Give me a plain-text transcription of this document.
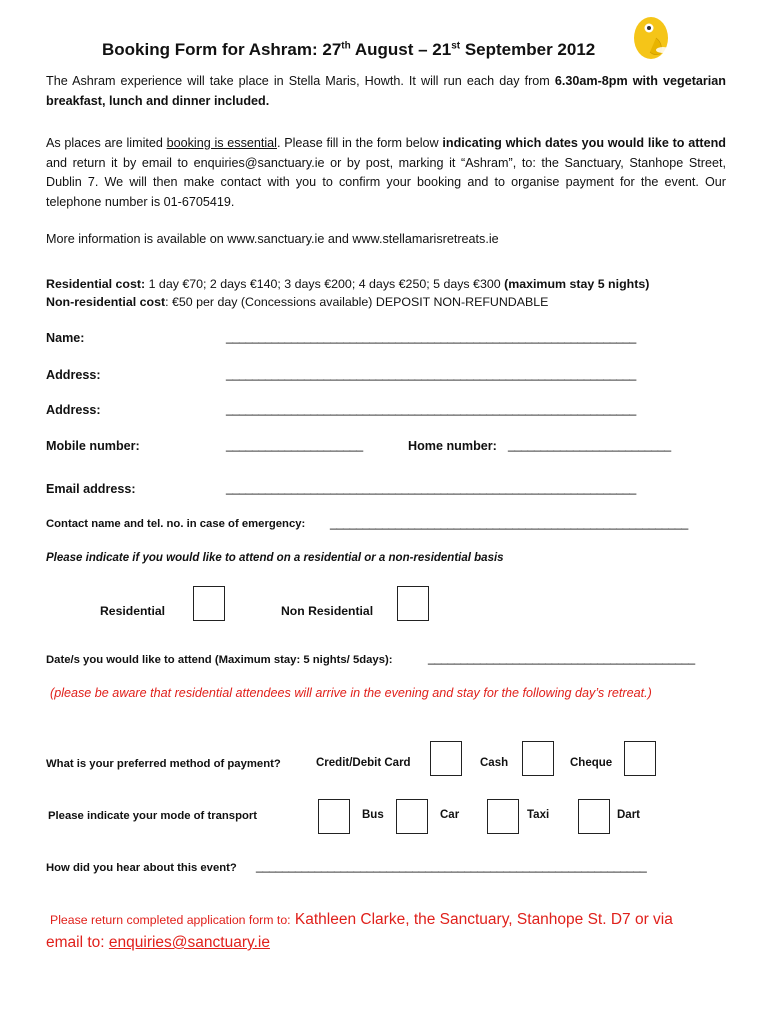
Booking Form for Ashram: 27th August – 21st September 2012
The Ashram experience will take place in Stella Maris, Howth. It will run each day from 6.30am-8pm with vegetarian breakfast, lunch and dinner included.
As places are limited booking is essential. Please fill in the form below indicating which dates you would like to attend and return it by email to enquiries@sanctuary.ie or by post, marking it “Ashram”, to: the Sanctuary, Stanhope Street, Dublin 7. We will then make contact with you to confirm your booking and to organise payment for the event. Our telephone number is 01-6705419.
More information is available on www.sanctuary.ie and www.stellamarisretreats.ie
Residential cost: 1 day €70; 2 days €140; 3 days €200; 4 days €250; 5 days €300 (maximum stay 5 nights)
Non-residential cost: €50 per day (Concessions available) DEPOSIT NON-REFUNDABLE
Name:	_______________________________________________________________
Address:	_______________________________________________________________
Address:	_______________________________________________________________
Mobile number:	_____________________	Home number: _________________________
Email address:	_______________________________________________________________
Contact name and tel. no. in case of emergency: _______________________________________________________
Please indicate if you would like to attend on a residential or a non-residential basis
Residential	Non Residential
Date/s you would like to attend (Maximum stay: 5 nights/ 5days):	_________________________________________
(please be aware that residential attendees will arrive in the evening and stay for the following day’s retreat.)
What is your preferred method of payment?	Credit/Debit Card	Cash	Cheque
Please indicate your mode of transport	Bus	Car	Taxi	Dart
How did you hear about this event? ____________________________________________________________
Please return completed application form to: Kathleen Clarke, the Sanctuary, Stanhope St. D7 or via
email to: enquiries@sanctuary.ie
